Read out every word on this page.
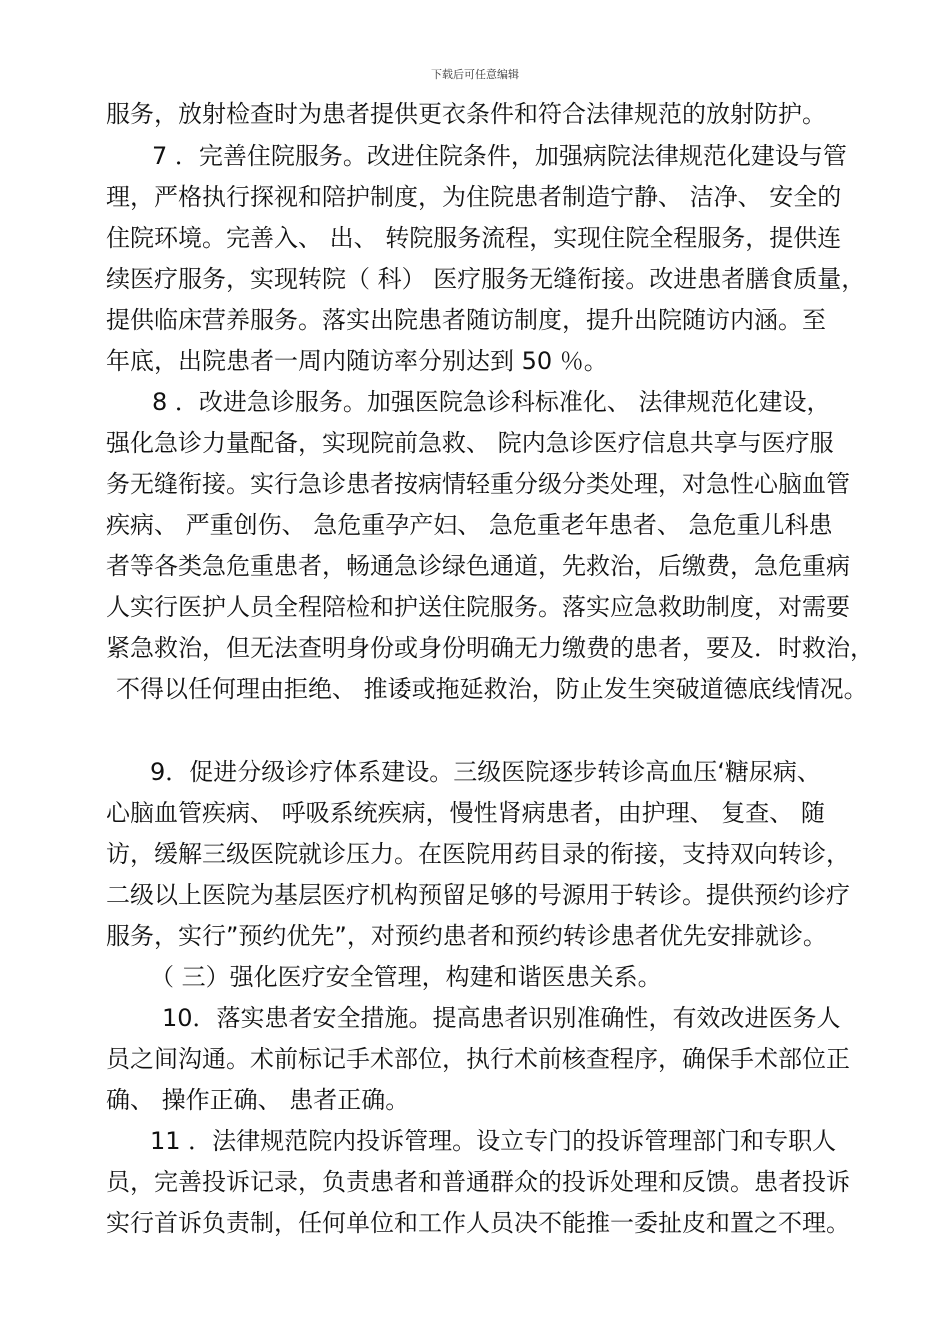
下载后可任意编辑
服务，放射检查时为患者提供更衣条件和符合法律规范的放射防护。
7 ．完善住院服务。改进住院条件，加强病院法律规范化建设与管
理，严格执行探视和陪护制度，为住院患者制造宁静、 洁净、 安全的
住院环境。完善入、 出、 转院服务流程，实现住院全程服务，提供连
续医疗服务，实现转院（ 科） 医疗服务无缝衔接。改进患者膳食质量，
提供临床营养服务。落实出院患者随访制度，提升出院随访内涵。至
年底，出院患者一周内随访率分别达到 50 ％。
8 ．改进急诊服务。加强医院急诊科标准化、 法律规范化建设，
强化急诊力量配备，实现院前急救、 院内急诊医疗信息共享与医疗服
务无缝衔接。实行急诊患者按病情轻重分级分类处理，对急性心脑血管
疾病、 严重创伤、 急危重孕产妇、 急危重老年患者、 急危重儿科患
者等各类急危重患者，畅通急诊绿色通道，先救治，后缴费，急危重病
人实行医护人员全程陪检和护送住院服务。落实应急救助制度，对需要
紧急救治，但无法查明身份或身份明确无力缴费的患者，要及．时救治，
不得以任何理由拒绝、 推诿或拖延救治，防止发生突破道德底线情况。
9．促进分级诊疗体系建设。三级医院逐步转诊高血压‘糖尿病、
心脑血管疾病、 呼吸系统疾病，慢性肾病患者，由护理、 复查、 随
访，缓解三级医院就诊压力。在医院用药目录的衔接，支持双向转诊，
二级以上医院为基层医疗机构预留足够的号源用于转诊。提供预约诊疗
服务，实行”预约优先”，对预约患者和预约转诊患者优先安排就诊。
（ 三）强化医疗安全管理，构建和谐医患关系。
10．落实患者安全措施。提高患者识别准确性，有效改进医务人
员之间沟通。术前标记手术部位，执行术前核查程序，确保手术部位正
确、 操作正确、 患者正确。
11 ．法律规范院内投诉管理。设立专门的投诉管理部门和专职人
员，完善投诉记录，负责患者和普通群众的投诉处理和反馈。患者投诉
实行首诉负责制，任何单位和工作人员决不能推一委扯皮和置之不理。
